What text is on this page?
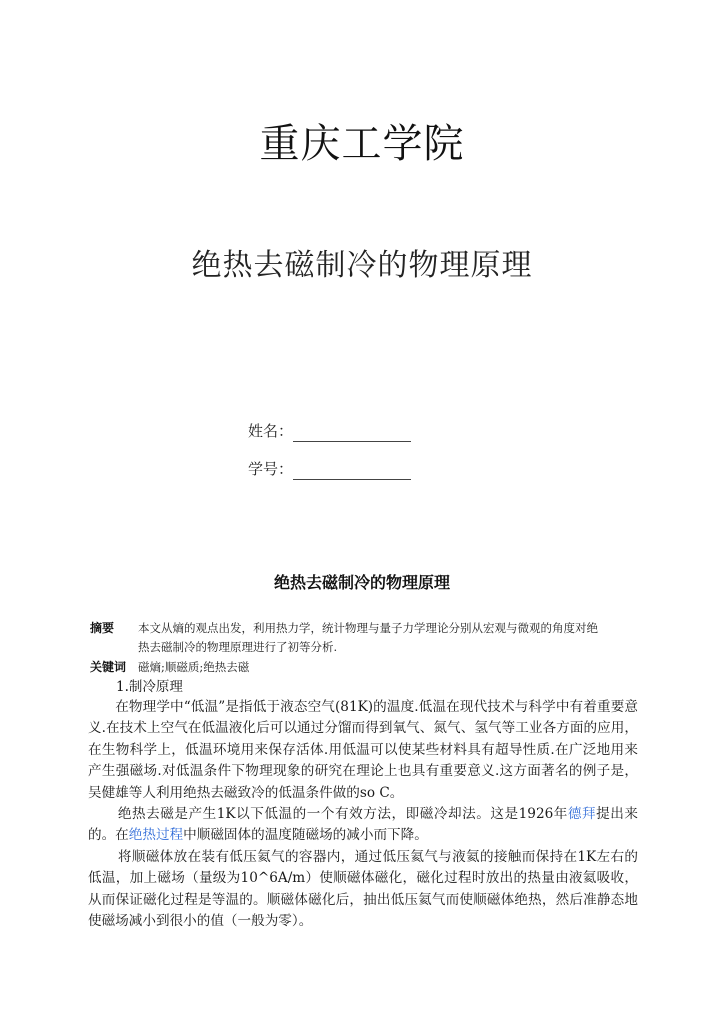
重庆工学院
绝热去磁制冷的物理原理
姓名：
学号：
绝热去磁制冷的物理原理
摘要 本文从熵的观点出发，利用热力学，统计物理与量子力学理论分别从宏观与微观的角度对绝热去磁制冷的物理原理进行了初等分析.
关键词 磁熵;顺磁质;绝热去磁
1.制冷原理

在物理学中“低温”是指低于液态空气(81K)的温度.低温在现代技术与科学中有着重要意义.在技术上空气在低温液化后可以通过分馏而得到氧气、氮气、氢气等工业各方面的应用，在生物科学上，低温环境用来保存活体.用低温可以使某些材料具有超导性质.在广泛地用来产生强磁场.对低温条件下物理现象的研究在理论上也具有重要意义.这方面著名的例子是，吴健雄等人利用绝热去磁致冷的低温条件做的so C。

绝热去磁是产生1K以下低温的一个有效方法，即磁冷却法。这是1926年德拜提出来的。在绝热过程中顺磁固体的温度随磁场的减小而下降。

将顺磁体放在装有低压氦气的容器内，通过低压氦气与液氦的接触而保持在1K左右的低温，加上磁场（量级为10^6A/m）使顺磁体磁化，磁化过程时放出的热量由液氦吸收，从而保证磁化过程是等温的。顺磁体磁化后，抽出低压氦气而使顺磁体绝热，然后准静态地使磁场减小到很小的值（一般为零）。
